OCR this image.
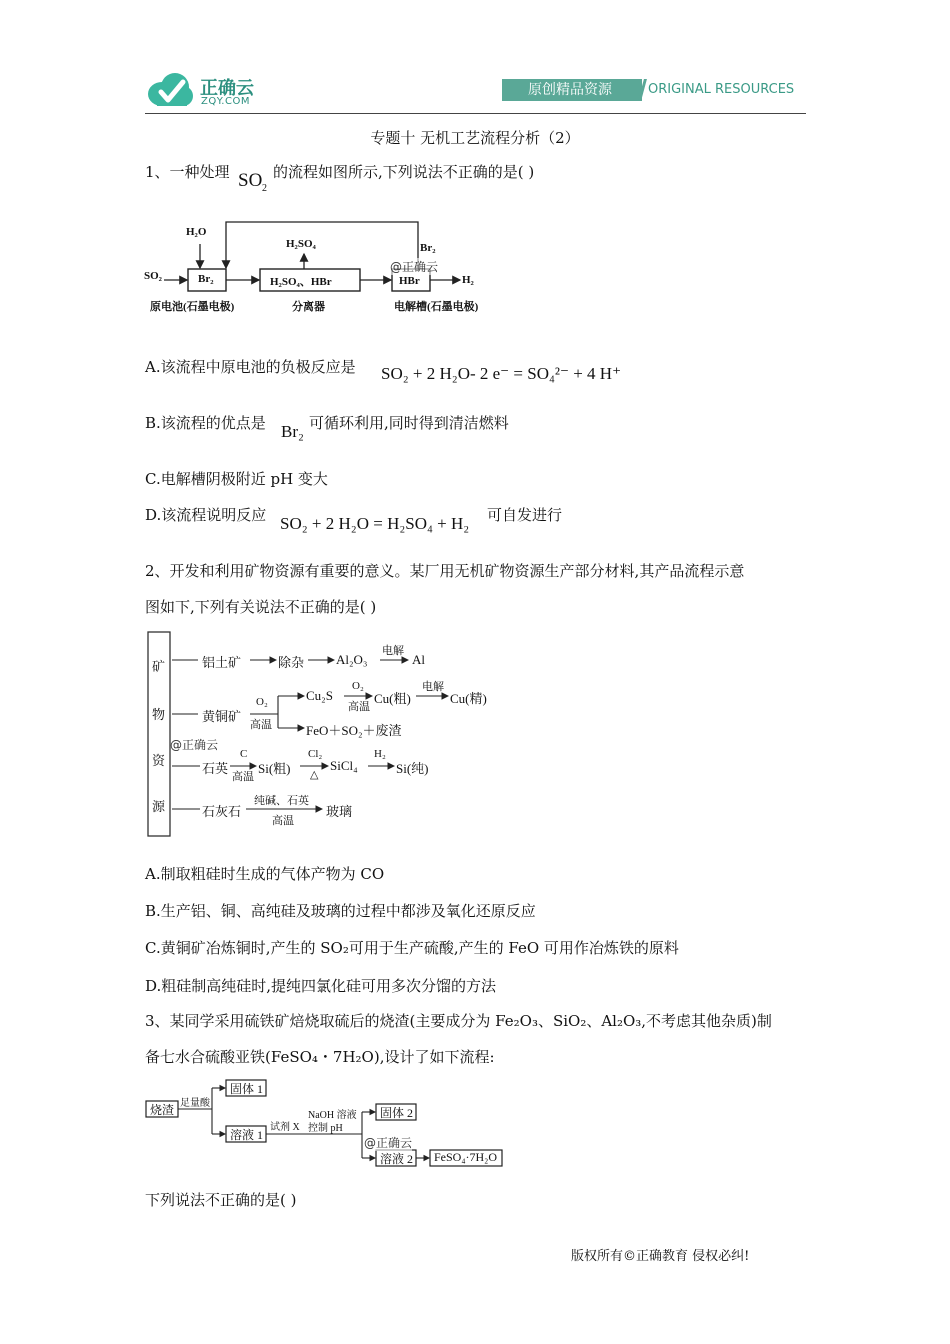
正确云
ZQY.COM
原创精品资源	ORIGINAL RESOURCES
专题十 无机工艺流程分析（2）
1、一种处理 SO 2
的流程如图所示,下列说法不正确的是( )
H₂O
SO₂	Br₂	H₂SO₄、HBr	HBr
H₂SO₄	Br₂
H₂
原电池(石墨电极)	分离器	电解槽(石墨电极)
@正确云
A.该流程中原电池的负极反应是 SO₂ + 2 H₂O- 2 e⁻ = SO₄²⁻ + 4 H⁺
B.该流程的优点是 Br₂ 可循环利用,同时得到清洁燃料
C.电解槽阴极附近 pH 变大
D.该流程说明反应 SO₂ + 2 H₂O = H₂SO₄ + H₂ 可自发进行
2、开发和利用矿物资源有重要的意义。某厂用无机矿物资源生产部分材料,其产品流程示意
图如下,下列有关说法不正确的是( )
矿
物
资
源
铝土矿	除杂 Al₂O₃
电解
Al
黄铜矿
O₂
高温
Cu₂S
O₂
高温
Cu(粗)
电解
Cu(精)
FeO＋SO₂＋废渣
@正确云
石英
C
高温
Si(粗)
Cl₂
△
SiCl₄
H₂
Si(纯)
石灰石
纯碱、石英
高温
玻璃
A.制取粗硅时生成的气体产物为 CO
B.生产铝、铜、高纯硅及玻璃的过程中都涉及氧化还原反应
C.黄铜矿冶炼铜时,产生的 SO₂可用于生产硫酸,产生的 FeO 可用作冶炼铁的原料
D.粗硅制高纯硅时,提纯四氯化硅可用多次分馏的方法
3、某同学采用硫铁矿焙烧取硫后的烧渣(主要成分为 Fe₂O₃、SiO₂、Al₂O₃,不考虑其他杂质)制
备七水合硫酸亚铁(FeSO₄・7H₂O),设计了如下流程:
烧渣 足量酸
固体 1
溶液 1
试剂 X
NaOH 溶液
控制 pH
固体 2
@正确云
溶液 2 FeSO₄·7H₂O
下列说法不正确的是( )
版权所有©正确教育 侵权必纠!
